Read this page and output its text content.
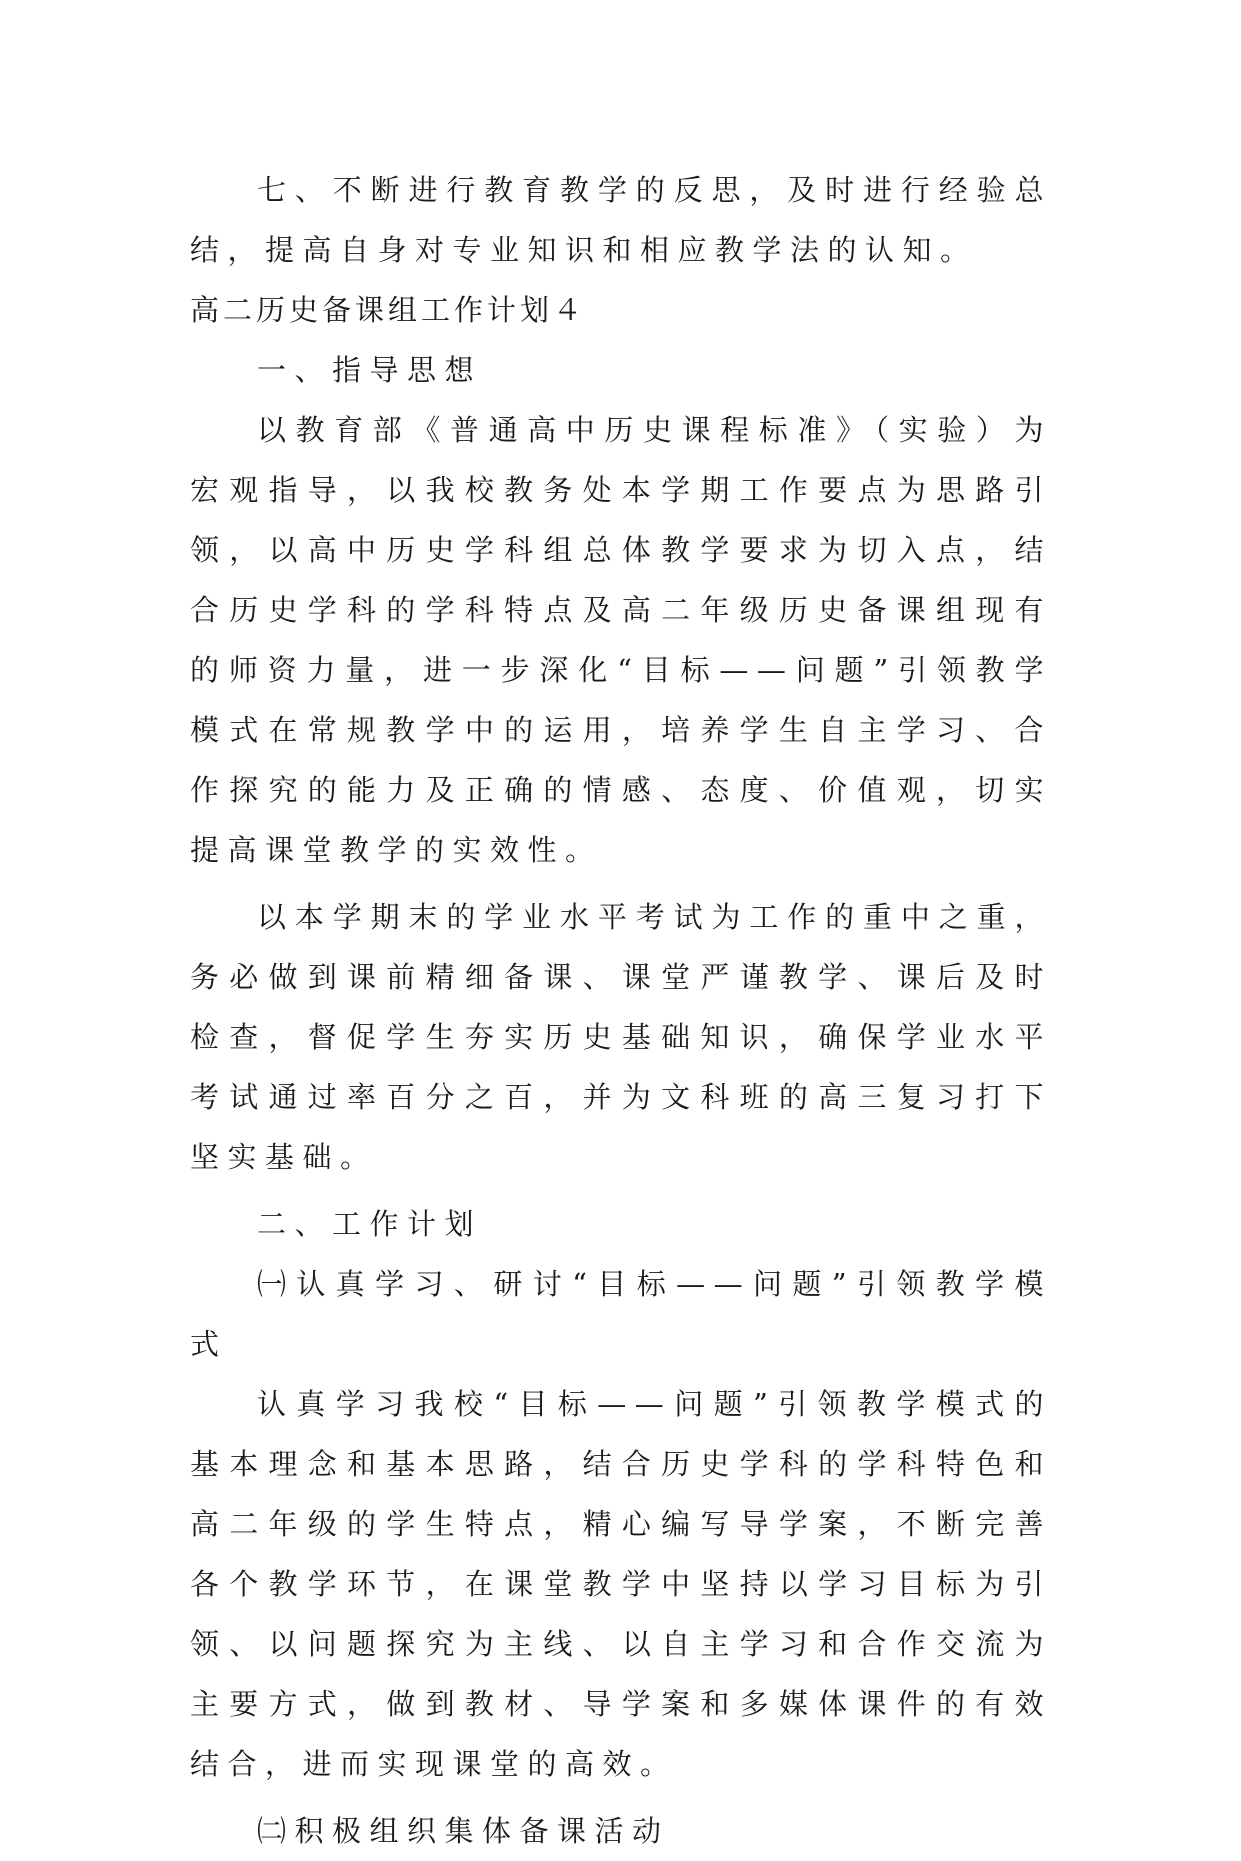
七、不断进行教育教学的反思，及时进行经验总结，提高自身对专业知识和相应教学法的认知。

高二历史备课组工作计划４

一、指导思想

以教育部《普通高中历史课程标准》（实验）为宏观指导，以我校教务处本学期工作要点为思路引领，以高中历史学科组总体教学要求为切入点，结合历史学科的学科特点及高二年级历史备课组现有的师资力量，进一步深化“目标——问题”引领教学模式在常规教学中的运用，培养学生自主学习、合作探究的能力及正确的情感、态度、价值观，切实提高课堂教学的实效性。

以本学期末的学业水平考试为工作的重中之重，务必做到课前精细备课、课堂严谨教学、课后及时检查，督促学生夯实历史基础知识，确保学业水平考试通过率百分之百，并为文科班的高三复习打下坚实基础。

二、工作计划

㈠认真学习、研讨“目标——问题”引领教学模式

认真学习我校“目标——问题”引领教学模式的基本理念和基本思路，结合历史学科的学科特色和高二年级的学生特点，精心编写导学案，不断完善各个教学环节，在课堂教学中坚持以学习目标为引领、以问题探究为主线、以自主学习和合作交流为主要方式，做到教材、导学案和多媒体课件的有效结合，进而实现课堂的高效。

㈡积极组织集体备课活动
